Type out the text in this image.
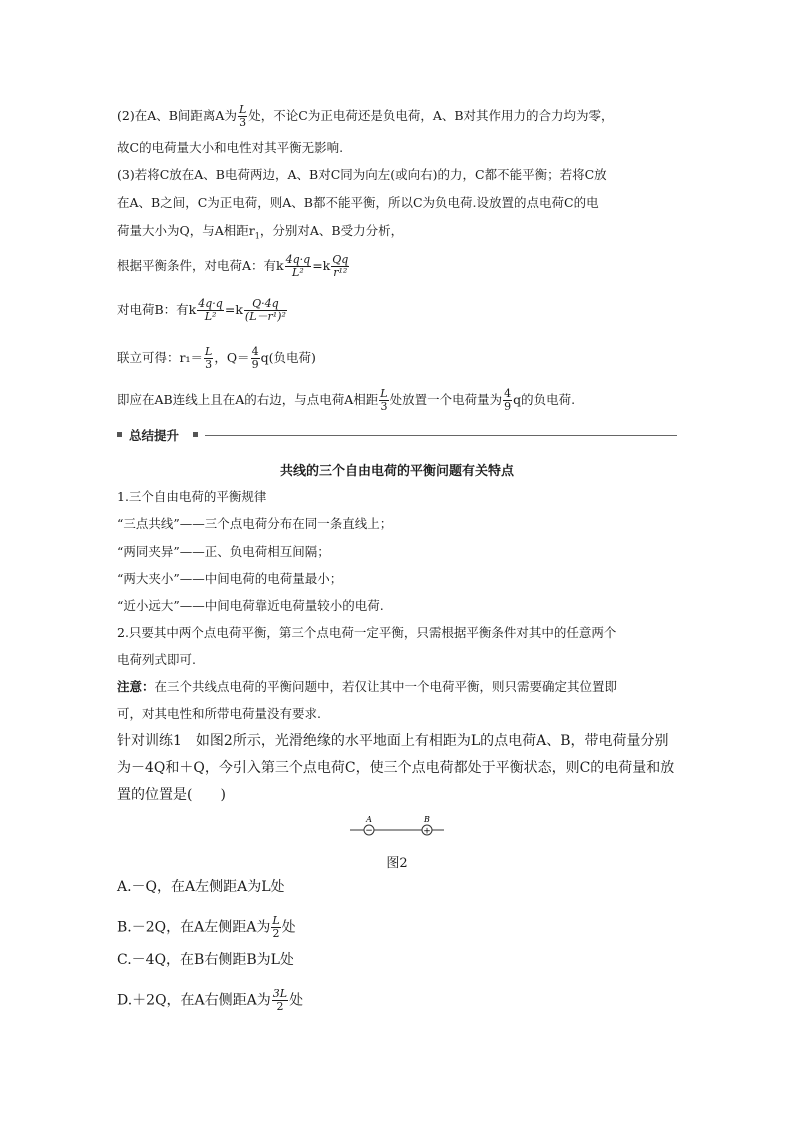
(2)在A、B间距离A为 $\frac{L}{3}$ 处，不论C为正电荷还是负电荷，A、B对其作用力的合力均为零，
故C的电荷量大小和电性对其平衡无影响.
(3)若将C放在A、B电荷两边，A、B对C同为向左(或向右)的力，C都不能平衡；若将C放
在A、B之间，C为正电荷，则A、B都不能平衡，所以C为负电荷.设放置的点电荷C的电
荷量大小为Q，与A相距$r_1$，分别对A、B受力分析，
根据平衡条件，对电荷A：有k $\frac{4q\cdot q}{\text{L²}} =k \frac{Qq}{\text{r¹²}}$
对电荷B：有k $\frac{4q\cdot q}{\text{L²}} =k \frac{Q\cdot 4q}{\text{(L－r¹)²}}$
联立可得：$r_1= \frac{L}{3}$ ，$Q= \frac{4}{9} q$(负电荷)
即应在AB连线上且在A的右边，与点电荷A相距 $\frac{L}{3}$ 处放置一个电荷量为 $\frac{4}{9}$ q的负电荷.
总结提升
共线的三个自由电荷的平衡问题有关特点
1.三个自由电荷的平衡规律
“三点共线”——三个点电荷分布在同一条直线上；
“两同夹异”——正、负电荷相互间隔；
“两大夹小”——中间电荷的电荷量最小；
“近小远大”——中间电荷靠近电荷量较小的电荷.
2.只要其中两个点电荷平衡，第三个点电荷一定平衡，只需根据平衡条件对其中的任意两个
电荷列式即可.
注意：在三个共线点电荷的平衡问题中，若仅让其中一个电荷平衡，则只需要确定其位置即
可，对其电性和所带电荷量没有要求.
针对训练1　如图2所示，光滑绝缘的水平地面上有相距为L的点电荷A、B，带电荷量分别
为－4Q和＋Q，今引入第三个点电荷C，使三个点电荷都处于平衡状态，则C的电荷量和放
置的位置是(　　)
−	+
A	B
图2
A.－Q，在A左侧距A为L处
B.－2Q，在A左侧距A为 $\frac{L}{2}$ 处
C.－4Q，在B右侧距B为L处
D.＋2Q，在A右侧距A为 $\frac{3L}{2}$ 处
